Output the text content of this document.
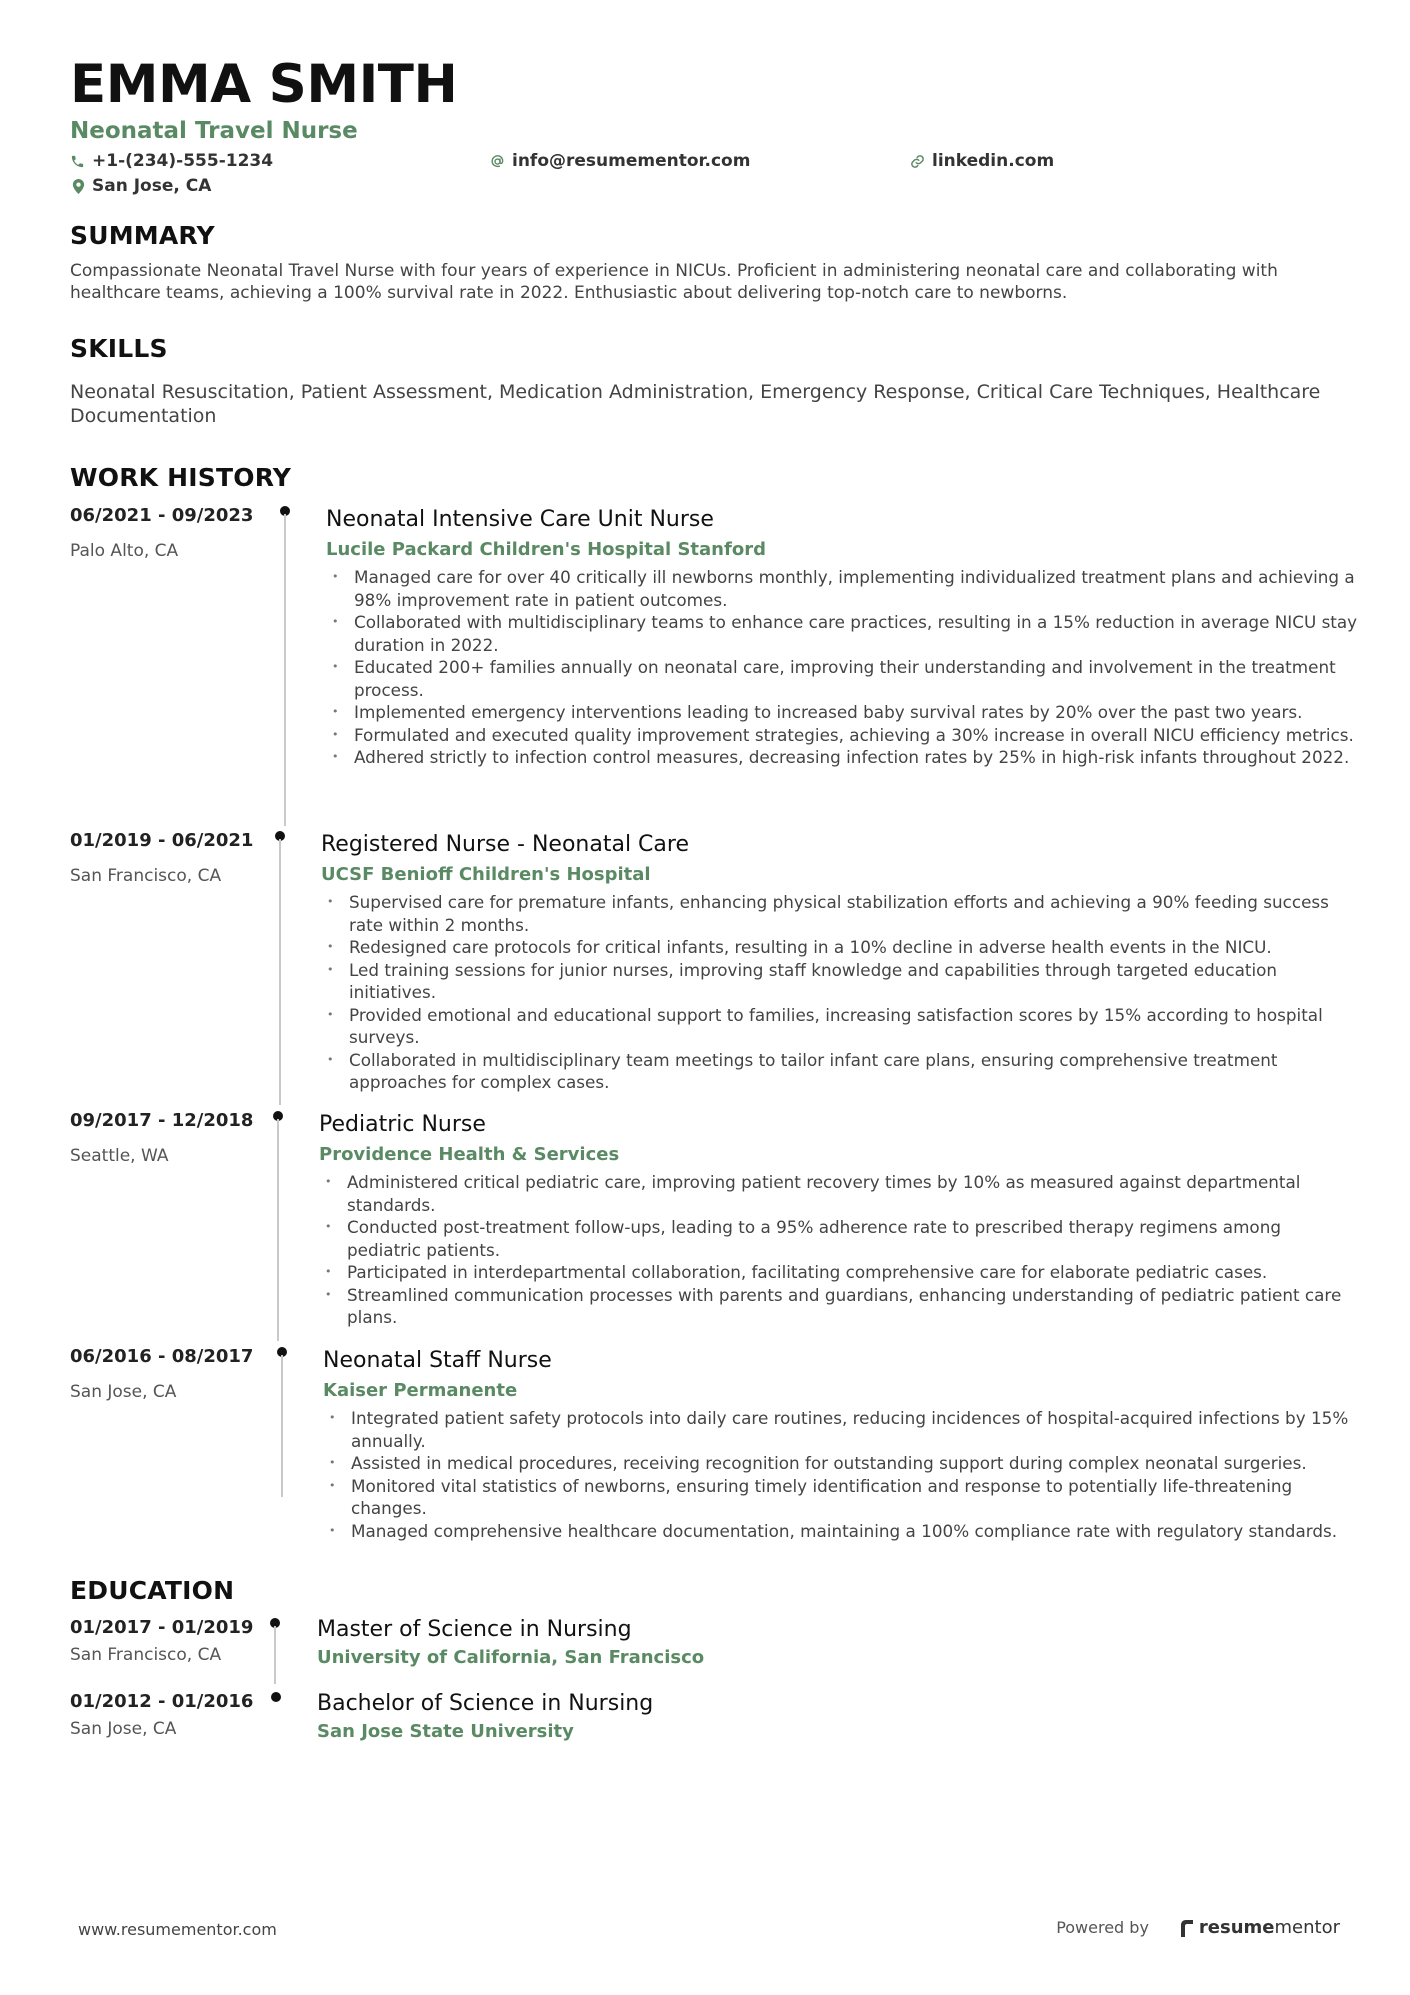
EMMA SMITH
Neonatal Travel Nurse
+1-(234)-555-1234	info@resumementor.com	linkedin.com
San Jose, CA
SUMMARY
Compassionate Neonatal Travel Nurse with four years of experience in NICUs. Proficient in administering neonatal care and collaborating with healthcare teams, achieving a 100% survival rate in 2022. Enthusiastic about delivering top-notch care to newborns.
SKILLS
Neonatal Resuscitation, Patient Assessment, Medication Administration, Emergency Response, Critical Care Techniques, Healthcare Documentation
WORK HISTORY
06/2021 - 09/2023
Palo Alto, CA
Neonatal Intensive Care Unit Nurse
Lucile Packard Children's Hospital Stanford
• Managed care for over 40 critically ill newborns monthly, implementing individualized treatment plans and achieving a 98% improvement rate in patient outcomes.
• Collaborated with multidisciplinary teams to enhance care practices, resulting in a 15% reduction in average NICU stay duration in 2022.
• Educated 200+ families annually on neonatal care, improving their understanding and involvement in the treatment process.
• Implemented emergency interventions leading to increased baby survival rates by 20% over the past two years.
• Formulated and executed quality improvement strategies, achieving a 30% increase in overall NICU efficiency metrics.
• Adhered strictly to infection control measures, decreasing infection rates by 25% in high-risk infants throughout 2022.
01/2019 - 06/2021
San Francisco, CA
Registered Nurse - Neonatal Care
UCSF Benioff Children's Hospital
• Supervised care for premature infants, enhancing physical stabilization efforts and achieving a 90% feeding success rate within 2 months.
• Redesigned care protocols for critical infants, resulting in a 10% decline in adverse health events in the NICU.
• Led training sessions for junior nurses, improving staff knowledge and capabilities through targeted education initiatives.
• Provided emotional and educational support to families, increasing satisfaction scores by 15% according to hospital surveys.
• Collaborated in multidisciplinary team meetings to tailor infant care plans, ensuring comprehensive treatment approaches for complex cases.
09/2017 - 12/2018
Seattle, WA
Pediatric Nurse
Providence Health & Services
• Administered critical pediatric care, improving patient recovery times by 10% as measured against departmental standards.
• Conducted post-treatment follow-ups, leading to a 95% adherence rate to prescribed therapy regimens among pediatric patients.
• Participated in interdepartmental collaboration, facilitating comprehensive care for elaborate pediatric cases.
• Streamlined communication processes with parents and guardians, enhancing understanding of pediatric patient care plans.
06/2016 - 08/2017
San Jose, CA
Neonatal Staff Nurse
Kaiser Permanente
• Integrated patient safety protocols into daily care routines, reducing incidences of hospital-acquired infections by 15% annually.
• Assisted in medical procedures, receiving recognition for outstanding support during complex neonatal surgeries.
• Monitored vital statistics of newborns, ensuring timely identification and response to potentially life-threatening changes.
• Managed comprehensive healthcare documentation, maintaining a 100% compliance rate with regulatory standards.
EDUCATION
01/2017 - 01/2019
San Francisco, CA
Master of Science in Nursing
University of California, San Francisco
01/2012 - 01/2016
San Jose, CA
Bachelor of Science in Nursing
San Jose State University
www.resumementor.com	Powered by	resume mentor
